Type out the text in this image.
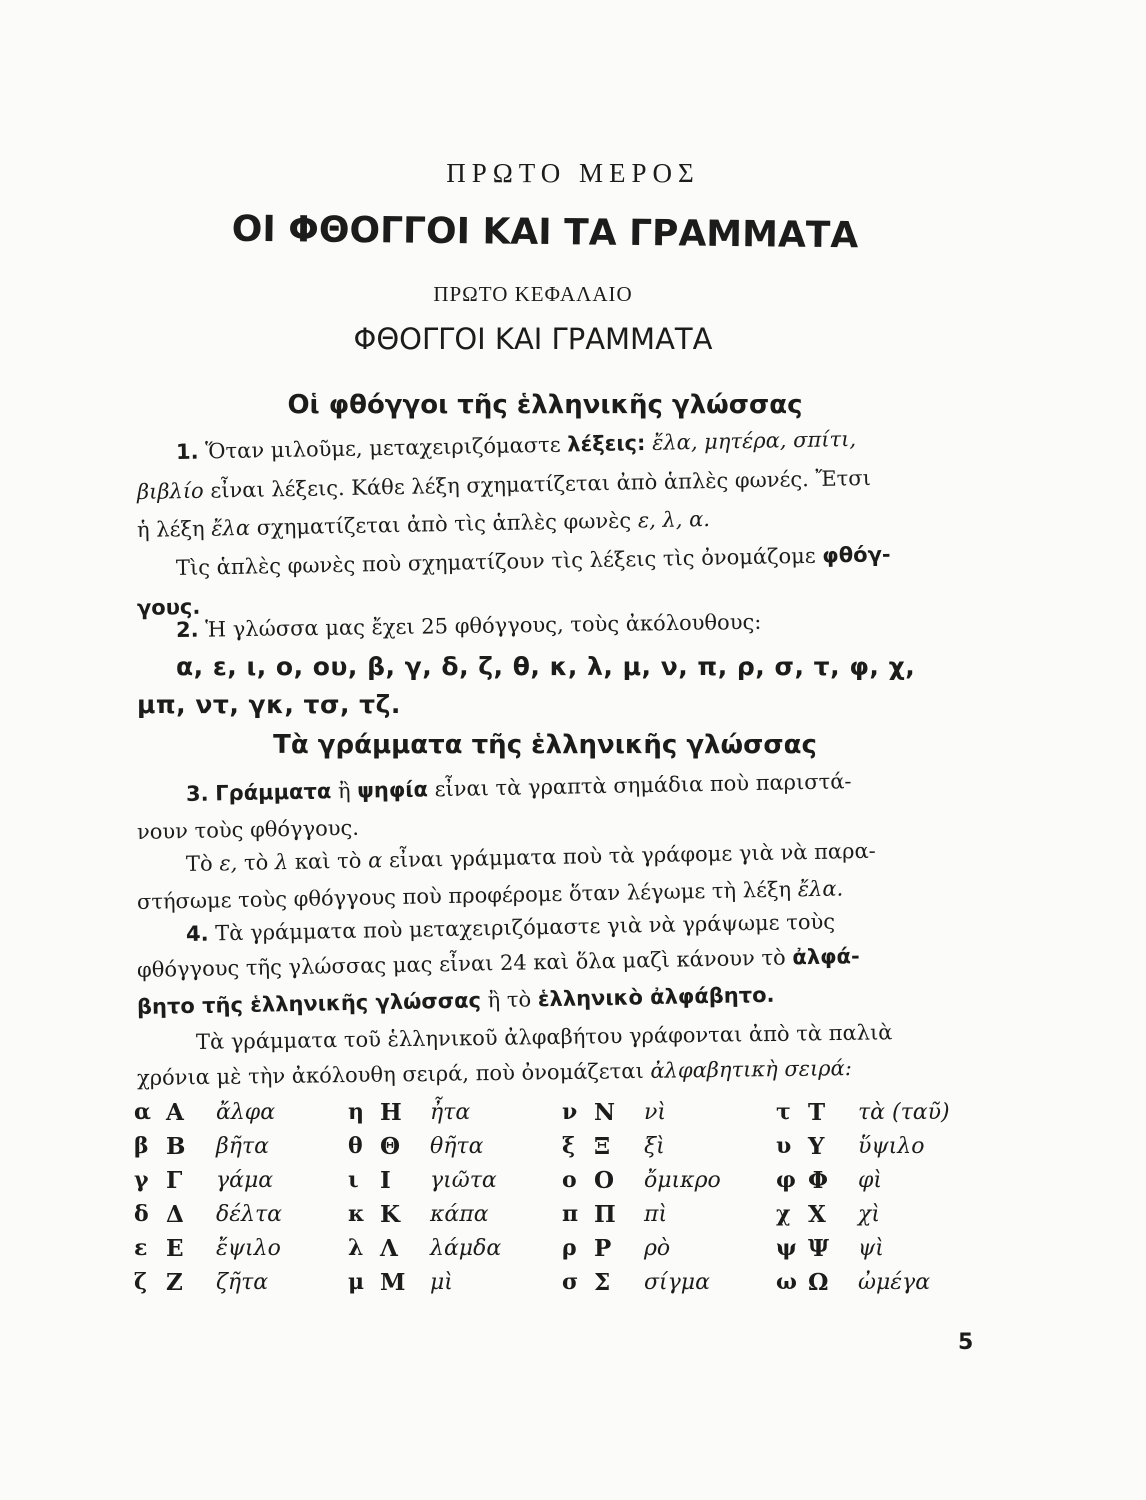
ΠΡΩΤΟ ΜΕΡΟΣ
ΟΙ ΦΘΟΓΓΟΙ ΚΑΙ ΤΑ ΓΡΑΜΜΑΤΑ
ΠΡΩΤΟ ΚΕΦΑΛΑΙΟ
ΦΘΟΓΓΟΙ ΚΑΙ ΓΡΑΜΜΑΤΑ
Οἱ φθόγγοι τῆς ἑλληνικῆς γλώσσας
1. Ὅταν μιλοῦμε, μεταχειριζόμαστε λέξεις: ἔλα, μητέρα, σπίτι,
βιβλίο εἶναι λέξεις. Κάθε λέξη σχηματίζεται ἀπὸ ἁπλὲς φωνές. Ἔτσι
ἡ λέξη ἔλα σχηματίζεται ἀπὸ τὶς ἁπλὲς φωνὲς ε, λ, α.
Τὶς ἁπλὲς φωνὲς ποὺ σχηματίζουν τὶς λέξεις τὶς ὀνομάζομε φθόγ-
γους.
2. Ἡ γλώσσα μας ἔχει 25 φθόγγους, τοὺς ἀκόλουθους:
α, ε, ι, ο, ου, β, γ, δ, ζ, θ, κ, λ, μ, ν, π, ρ, σ, τ, φ, χ,
μπ, ντ, γκ, τσ, τζ.
Τὰ γράμματα τῆς ἑλληνικῆς γλώσσας
3. Γράμματα ἢ ψηφία εἶναι τὰ γραπτὰ σημάδια ποὺ παριστά-
νουν τοὺς φθόγγους.
Τὸ ε, τὸ λ καὶ τὸ α εἶναι γράμματα ποὺ τὰ γράφομε γιὰ νὰ παρα-
στήσωμε τοὺς φθόγγους ποὺ προφέρομε ὅταν λέγωμε τὴ λέξη ἔλα.
4. Τὰ γράμματα ποὺ μεταχειριζόμαστε γιὰ νὰ γράψωμε τοὺς
φθόγγους τῆς γλώσσας μας εἶναι 24 καὶ ὅλα μαζὶ κάνουν τὸ ἀλφά-
βητο τῆς ἑλληνικῆς γλώσσας ἢ τὸ ἑλληνικὸ ἀλφάβητο.
Τὰ γράμματα τοῦ ἑλληνικοῦ ἀλφαβήτου γράφονται ἀπὸ τὰ παλιὰ
χρόνια μὲ τὴν ἀκόλουθη σειρά, ποὺ ὀνομάζεται ἀλφαβητικὴ σειρά:
α	Α	ἄλφα	η	Η	ἦτα	ν	Ν	νὶ	τ	Τ	τὰ (ταῦ)
β	Β	βῆτα	θ	Θ	θῆτα	ξ	Ξ	ξὶ	υ	Υ	ὕψιλο
γ	Γ	γάμα	ι	Ι	γιῶτα	ο	Ο	ὄμικρο	φ	Φ	φὶ
δ	Δ	δέλτα	κ	Κ	κάπα	π	Π	πὶ	χ	Χ	χὶ
ε	Ε	ἔψιλο	λ	Λ	λάμδα	ρ	Ρ	ρὸ	ψ	Ψ	ψὶ
ζ	Ζ	ζῆτα	μ	Μ	μὶ	σ	Σ	σίγμα	ω	Ω	ὠμέγα
5
